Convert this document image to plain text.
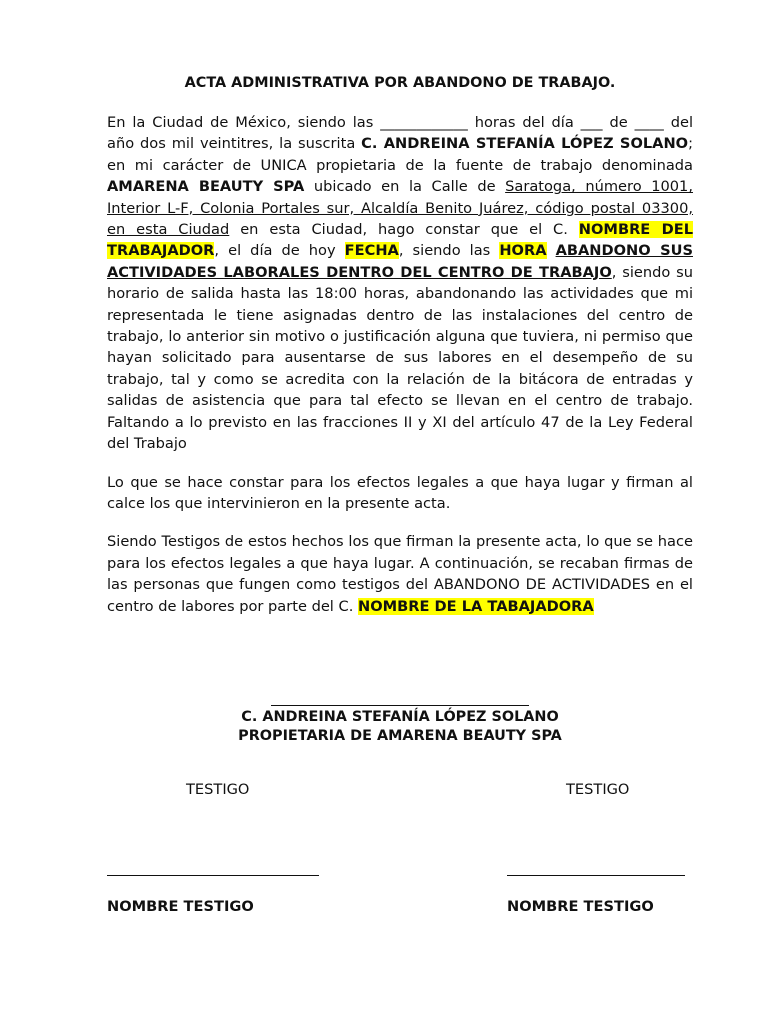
ACTA ADMINISTRATIVA POR ABANDONO DE TRABAJO.

En la Ciudad de México, siendo las ____________ horas del día ___ de ____ del año dos mil veintitres, la suscrita C. ANDREINA STEFANÍA LÓPEZ SOLANO; en mi carácter de UNICA propietaria de la fuente de trabajo denominada AMARENA BEAUTY SPA ubicado en la Calle de Saratoga, número 1001, Interior L-F, Colonia Portales sur, Alcaldía Benito Juárez, código postal 03300, en esta Ciudad en esta Ciudad, hago constar que el C. NOMBRE DEL TRABAJADOR, el día de hoy FECHA, siendo las HORA ABANDONO SUS ACTIVIDADES LABORALES DENTRO DEL CENTRO DE TRABAJO, siendo su horario de salida hasta las 18:00 horas, abandonando las actividades que mi representada le tiene asignadas dentro de las instalaciones del centro de trabajo, lo anterior sin motivo o justificación alguna que tuviera, ni permiso que hayan solicitado para ausentarse de sus labores en el desempeño de su trabajo, tal y como se acredita con la relación de la bitácora de entradas y salidas de asistencia que para tal efecto se llevan en el centro de trabajo. Faltando a lo previsto en las fracciones II y XI del artículo 47 de la Ley Federal del Trabajo

Lo que se hace constar para los efectos legales a que haya lugar y firman al calce los que intervinieron en la presente acta.

Siendo Testigos de estos hechos los que firman la presente acta, lo que se hace para los efectos legales a que haya lugar. A continuación, se recaban firmas de las personas que fungen como testigos del ABANDONO DE ACTIVIDADES en el centro de labores por parte del C. NOMBRE DE LA TABAJADORA

C. ANDREINA STEFANÍA LÓPEZ SOLANO
PROPIETARIA DE AMARENA BEAUTY SPA
TESTIGO	TESTIGO
NOMBRE TESTIGO	NOMBRE TESTIGO
